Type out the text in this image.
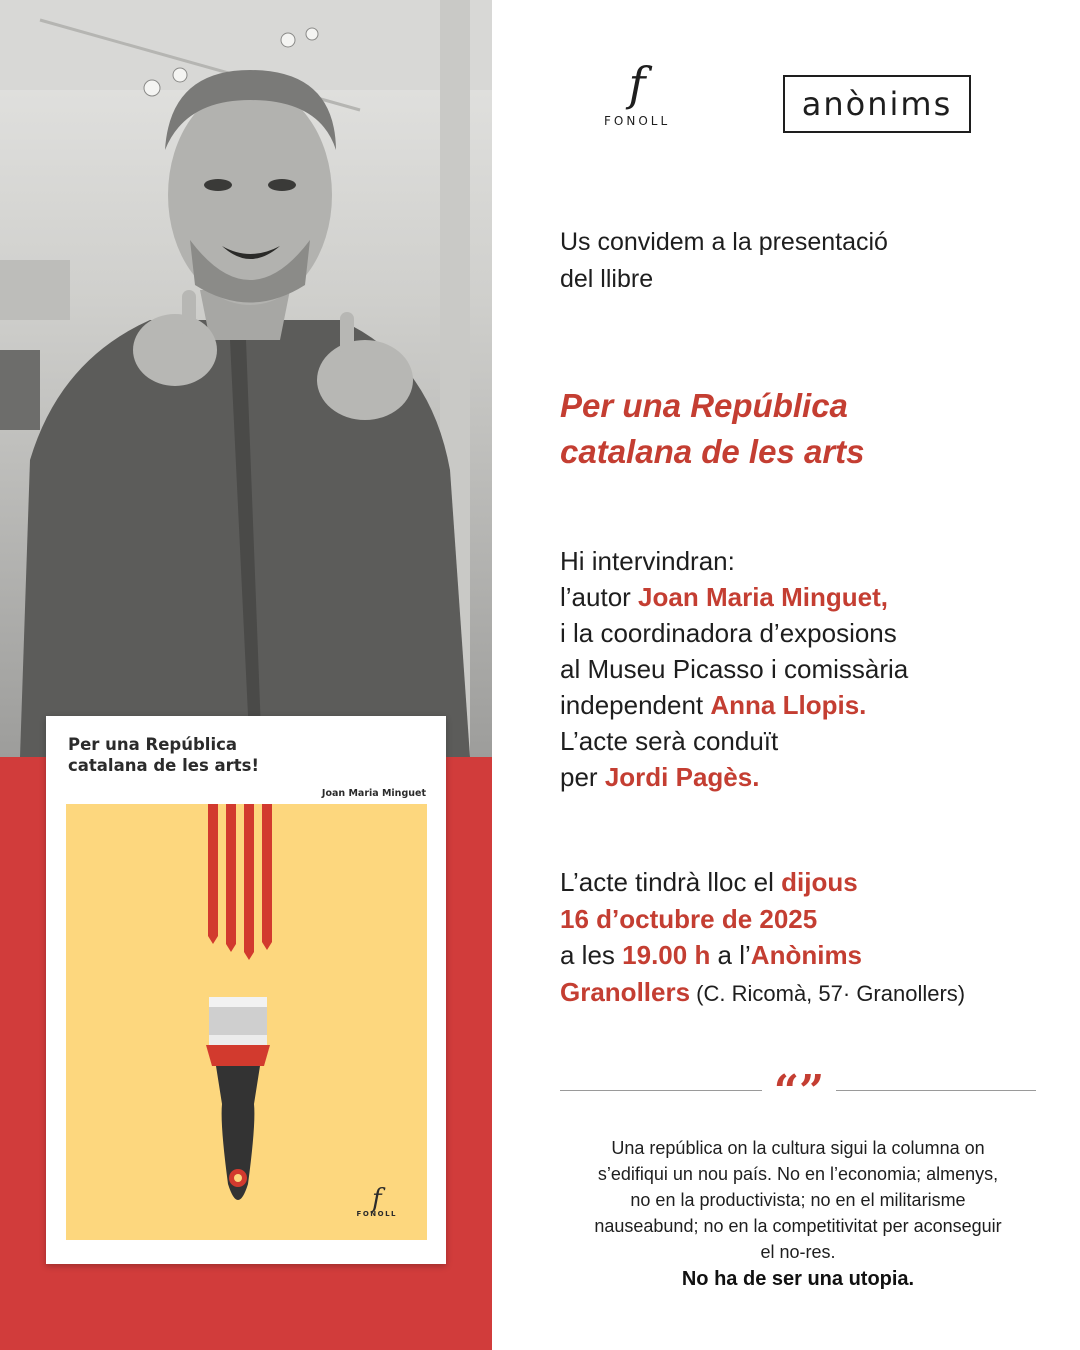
Per una República
catalana de les arts!
Joan Maria Minguet
f
FONOLL
f
FONOLL	anònims
Us convidem a la presentació
del llibre
Per una República
catalana de les arts
Hi intervindran:
l’autor Joan Maria Minguet,
i la coordinadora d’exposions
al Museu Picasso i comissària
independent Anna Llopis.
L’acte serà conduït
per Jordi Pagès.
L’acte tindrà lloc el dijous
16 d’octubre de 2025
a les 19.00 h a l’Anònims
Granollers (C. Ricomà, 57· Granollers)
“”
Una república on la cultura sigui la columna on
s’edifiqui un nou país. No en l’economia; almenys,
no en la productivista; no en el militarisme
nauseabund; no en la competitivitat per aconseguir
el no-res.
No ha de ser una utopia.
